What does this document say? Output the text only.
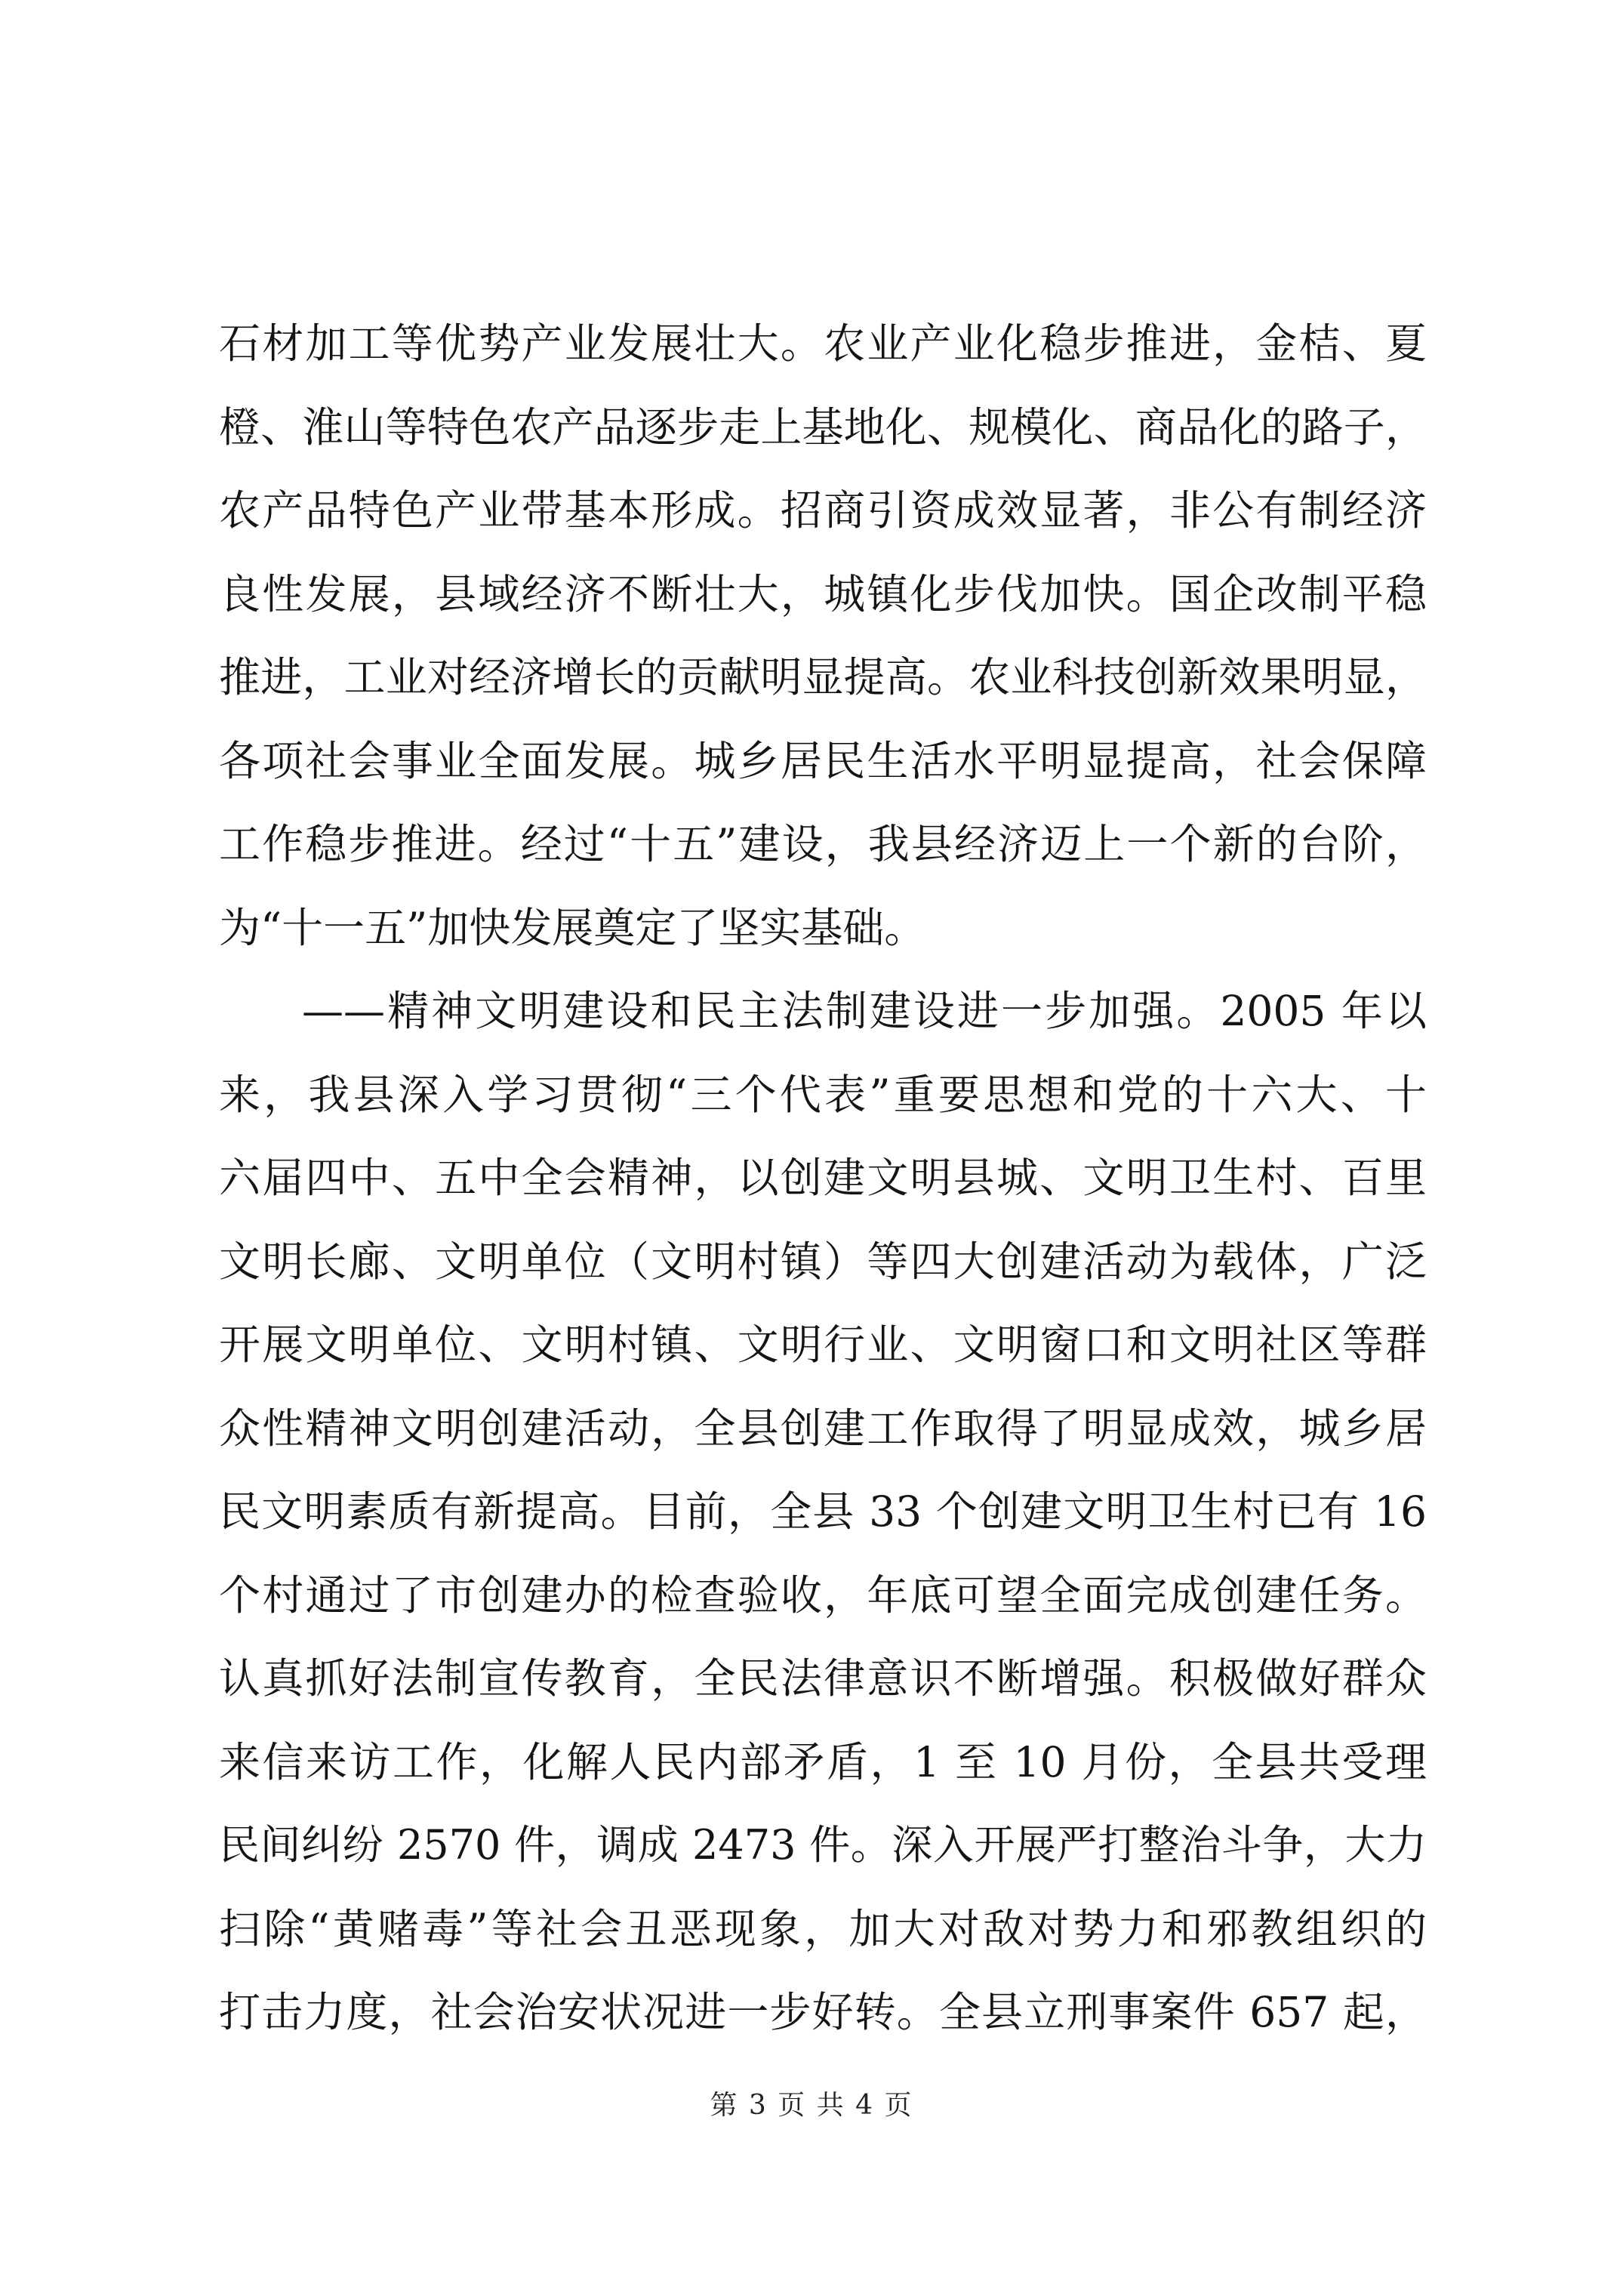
石材加工等优势产业发展壮大。农业产业化稳步推进，金桔、夏
橙、淮山等特色农产品逐步走上基地化、规模化、商品化的路子，
农产品特色产业带基本形成。招商引资成效显著，非公有制经济
良性发展，县域经济不断壮大，城镇化步伐加快。国企改制平稳
推进，工业对经济增长的贡献明显提高。农业科技创新效果明显，
各项社会事业全面发展。城乡居民生活水平明显提高，社会保障
工作稳步推进。经过“十五”建设，我县经济迈上一个新的台阶，
为“十一五”加快发展奠定了坚实基础。
——精神文明建设和民主法制建设进一步加强。2005 年以
来，我县深入学习贯彻“三个代表”重要思想和党的十六大、十
六届四中、五中全会精神，以创建文明县城、文明卫生村、百里
文明长廊、文明单位（文明村镇）等四大创建活动为载体，广泛
开展文明单位、文明村镇、文明行业、文明窗口和文明社区等群
众性精神文明创建活动，全县创建工作取得了明显成效，城乡居
民文明素质有新提高。目前，全县 33 个创建文明卫生村已有 16
个村通过了市创建办的检查验收，年底可望全面完成创建任务。
认真抓好法制宣传教育，全民法律意识不断增强。积极做好群众
来信来访工作，化解人民内部矛盾，1 至 10 月份，全县共受理
民间纠纷 2570 件，调成 2473 件。深入开展严打整治斗争，大力
扫除“黄赌毒”等社会丑恶现象，加大对敌对势力和邪教组织的
打击力度，社会治安状况进一步好转。全县立刑事案件 657 起，
第 3 页 共 4 页
